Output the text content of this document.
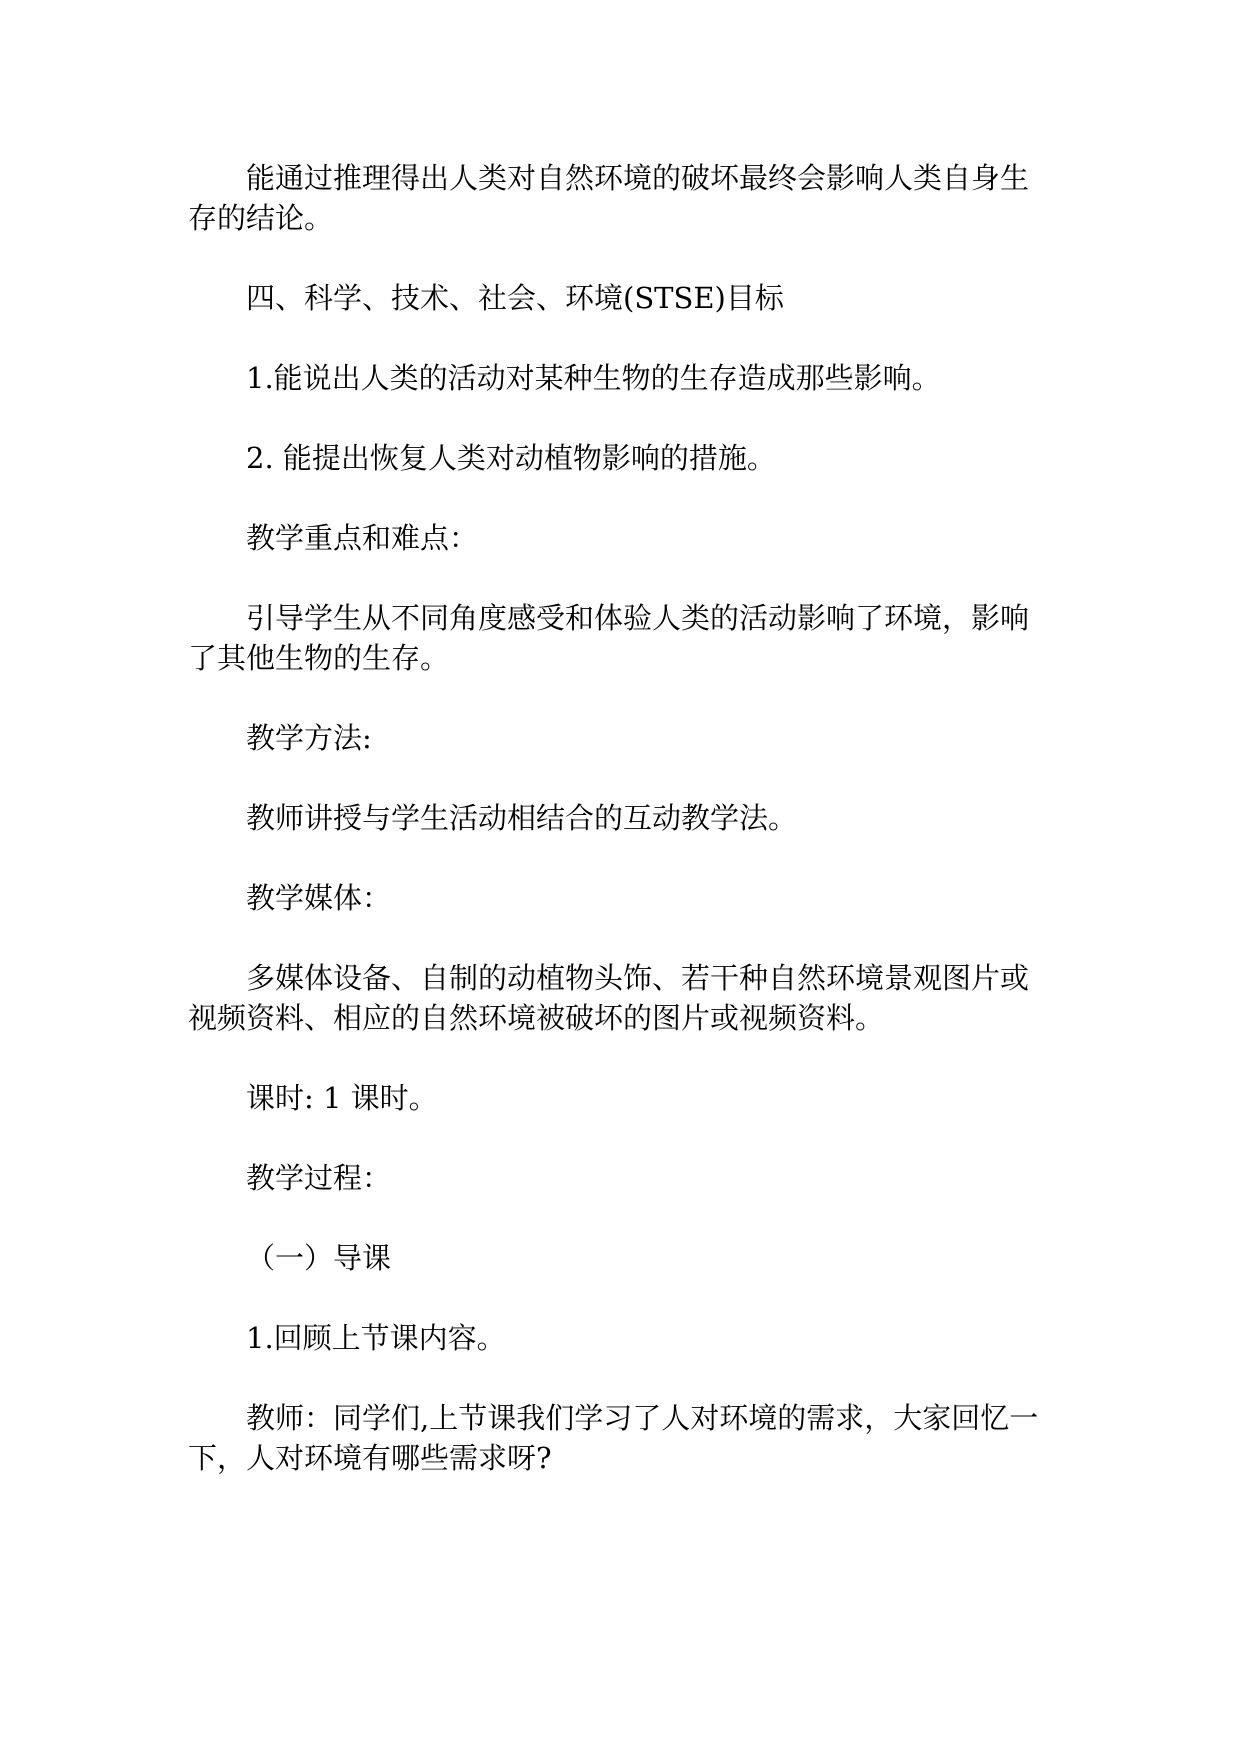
能通过推理得出人类对自然环境的破坏最终会影响人类自身生存的结论。

四、科学、技术、社会、环境(STSE)目标

1.能说出人类的活动对某种生物的生存造成那些影响。

2. 能提出恢复人类对动植物影响的措施。

教学重点和难点：

引导学生从不同角度感受和体验人类的活动影响了环境，影响了其他生物的生存。

教学方法:

教师讲授与学生活动相结合的互动教学法。

教学媒体：

多媒体设备、自制的动植物头饰、若干种自然环境景观图片或视频资料、相应的自然环境被破坏的图片或视频资料。

课时: 1 课时。

教学过程：

（一）导课

1.回顾上节课内容。

教师：同学们,上节课我们学习了人对环境的需求，大家回忆一下，人对环境有哪些需求呀?
